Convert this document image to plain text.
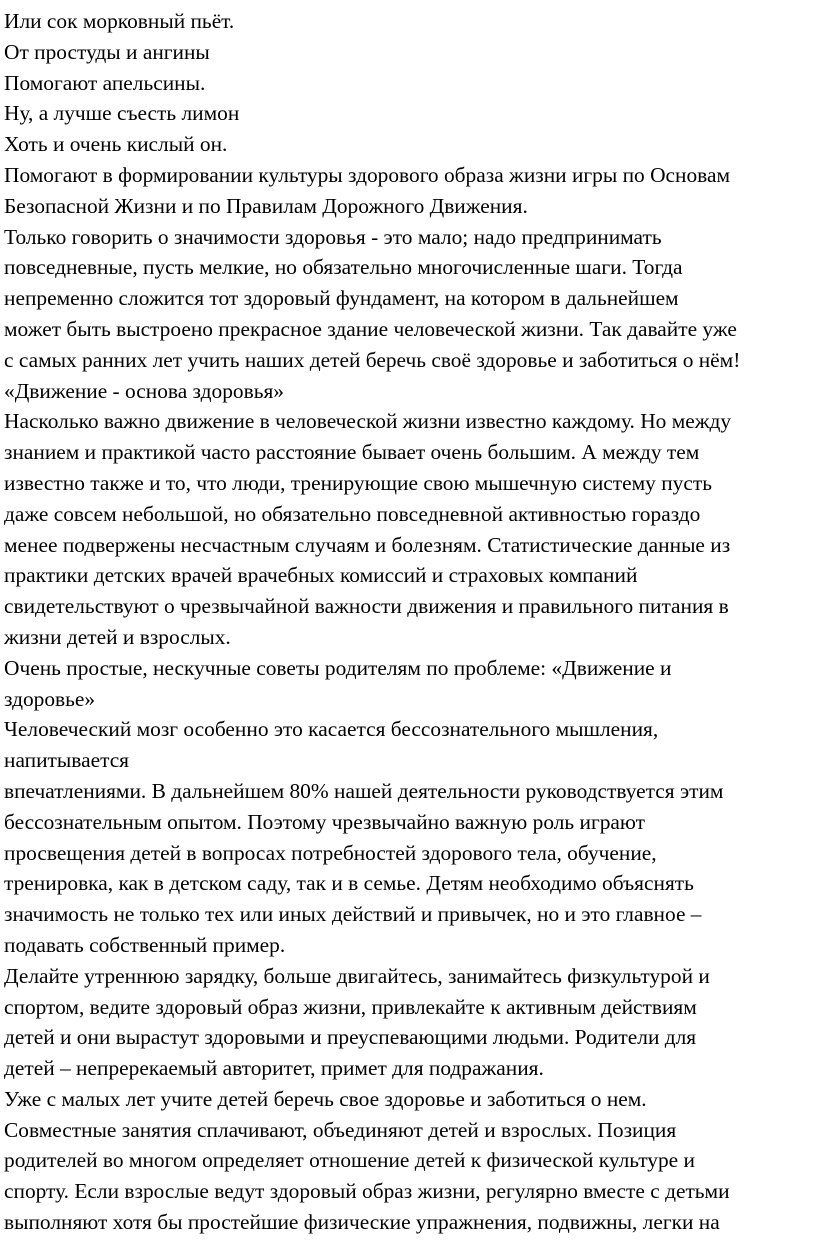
Или сок морковный пьёт.
От простуды и ангины
Помогают апельсины.
Ну, а лучше съесть лимон
Хоть и очень кислый он.
Помогают в формировании культуры здорового образа жизни игры по Основам
Безопасной Жизни и по Правилам Дорожного Движения.
Только говорить о значимости здоровья - это мало; надо предпринимать
повседневные, пусть мелкие, но обязательно многочисленные шаги. Тогда
непременно сложится тот здоровый фундамент, на котором в дальнейшем
может быть выстроено прекрасное здание человеческой жизни. Так давайте уже
с самых ранних лет учить наших детей беречь своё здоровье и заботиться о нём!
«Движение - основа здоровья»
Насколько важно движение в человеческой жизни известно каждому. Но между
знанием и практикой часто расстояние бывает очень большим. А между тем
известно также и то, что люди, тренирующие свою мышечную систему пусть
даже совсем небольшой, но обязательно повседневной активностью гораздо
менее подвержены несчастным случаям и болезням. Статистические данные из
практики детских врачей врачебных комиссий и страховых компаний
свидетельствуют о чрезвычайной важности движения и правильного питания в
жизни детей и взрослых.
Очень простые, нескучные советы родителям по проблеме: «Движение и
здоровье»
Человеческий мозг особенно это касается бессознательного мышления,
напитывается
впечатлениями. В дальнейшем 80% нашей деятельности руководствуется этим
бессознательным опытом. Поэтому чрезвычайно важную роль играют
просвещения детей в вопросах потребностей здорового тела, обучение,
тренировка, как в детском саду, так и в семье. Детям необходимо объяснять
значимость не только тех или иных действий и привычек, но и это главное –
подавать собственный пример.
Делайте утреннюю зарядку, больше двигайтесь, занимайтесь физкультурой и
спортом, ведите здоровый образ жизни, привлекайте к активным действиям
детей и они вырастут здоровыми и преуспевающими людьми. Родители для
детей – непререкаемый авторитет, примет для подражания.
Уже с малых лет учите детей беречь свое здоровье и заботиться о нем.
Совместные занятия сплачивают, объединяют детей и взрослых. Позиция
родителей во многом определяет отношение детей к физической культуре и
спорту. Если взрослые ведут здоровый образ жизни, регулярно вместе с детьми
выполняют хотя бы простейшие физические упражнения, подвижны, легки на
